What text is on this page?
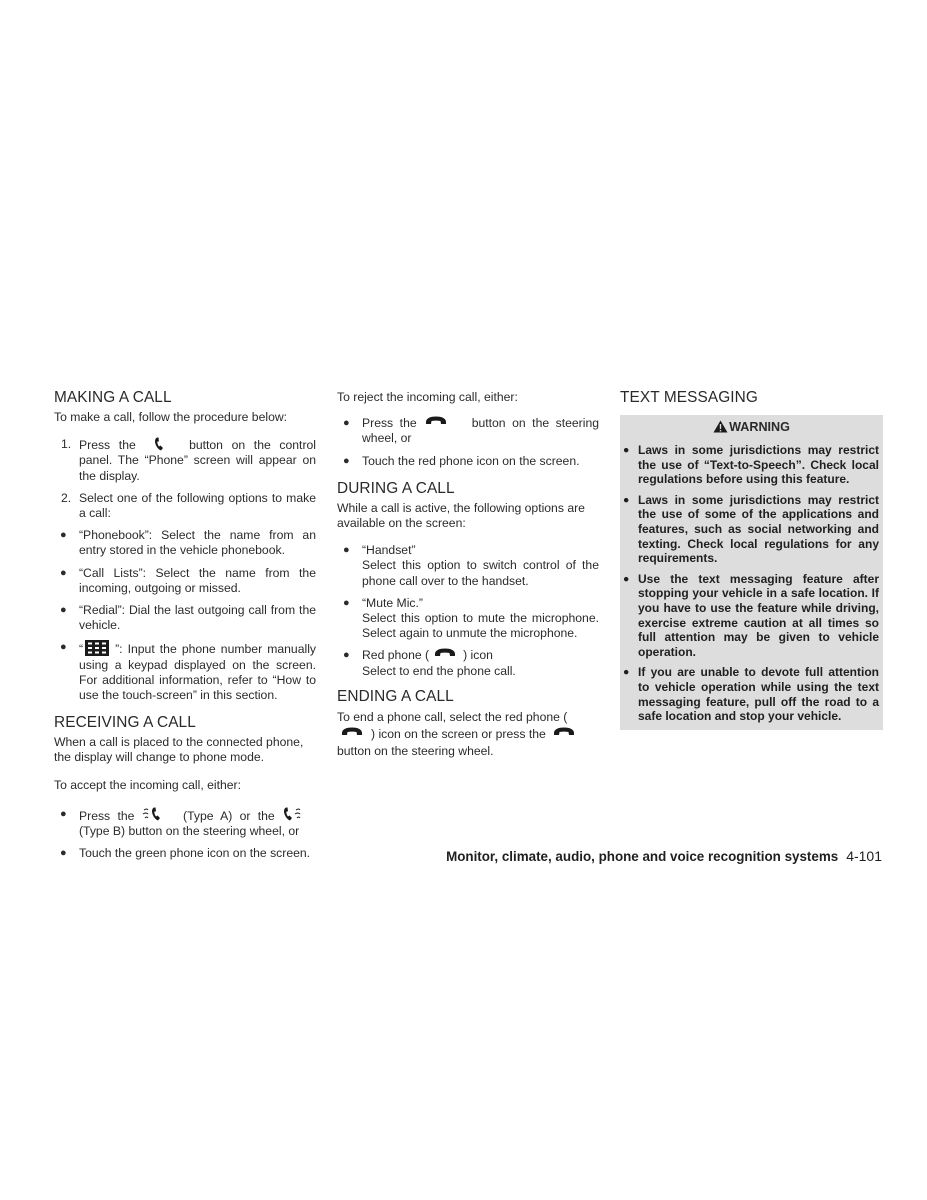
MAKING A CALL

To make a call, follow the procedure below:

1. Press the	button on the control panel. The “Phone” screen will appear on the display.
2. Select one of the following options to make a call:
● “Phonebook”: Select the name from an entry stored in the vehicle phonebook.
● “Call Lists”: Select the name from the incoming, outgoing or missed.
● “Redial”: Dial the last outgoing call from the vehicle.
● “	”: Input the phone number manually using a keypad displayed on the screen. For additional information, refer to “How to use the touch-screen” in this section.
RECEIVING A CALL

When a call is placed to the connected phone, the display will change to phone mode.

To accept the incoming call, either:

● Press the	(Type A) or the
(Type B) button on the steering wheel, or
● Touch the green phone icon on the screen.

To reject the incoming call, either:

● Press the	button on the steering wheel, or
● Touch the red phone icon on the screen.
DURING A CALL

While a call is active, the following options are available on the screen:

● “Handset”
Select this option to switch control of the phone call over to the handset.
● “Mute Mic.”
Select this option to mute the microphone. Select again to unmute the microphone.
● Red phone (	) icon
Select to end the phone call.
ENDING A CALL

To end a phone call, select the red phone (
) icon on the screen or press the
button on the steering wheel.

TEXT MESSAGING
WARNING
● Laws in some jurisdictions may restrict the use of “Text-to-Speech”. Check local regulations before using this feature.
● Laws in some jurisdictions may restrict the use of some of the applications and features, such as social networking and texting. Check local regulations for any requirements.
● Use the text messaging feature after stopping your vehicle in a safe location. If you have to use the feature while driving, exercise extreme caution at all times so full attention may be given to vehicle operation.
● If you are unable to devote full attention to vehicle operation while using the text messaging feature, pull off the road to a safe location and stop your vehicle.
Monitor, climate, audio, phone and voice recognition systems 4-101
